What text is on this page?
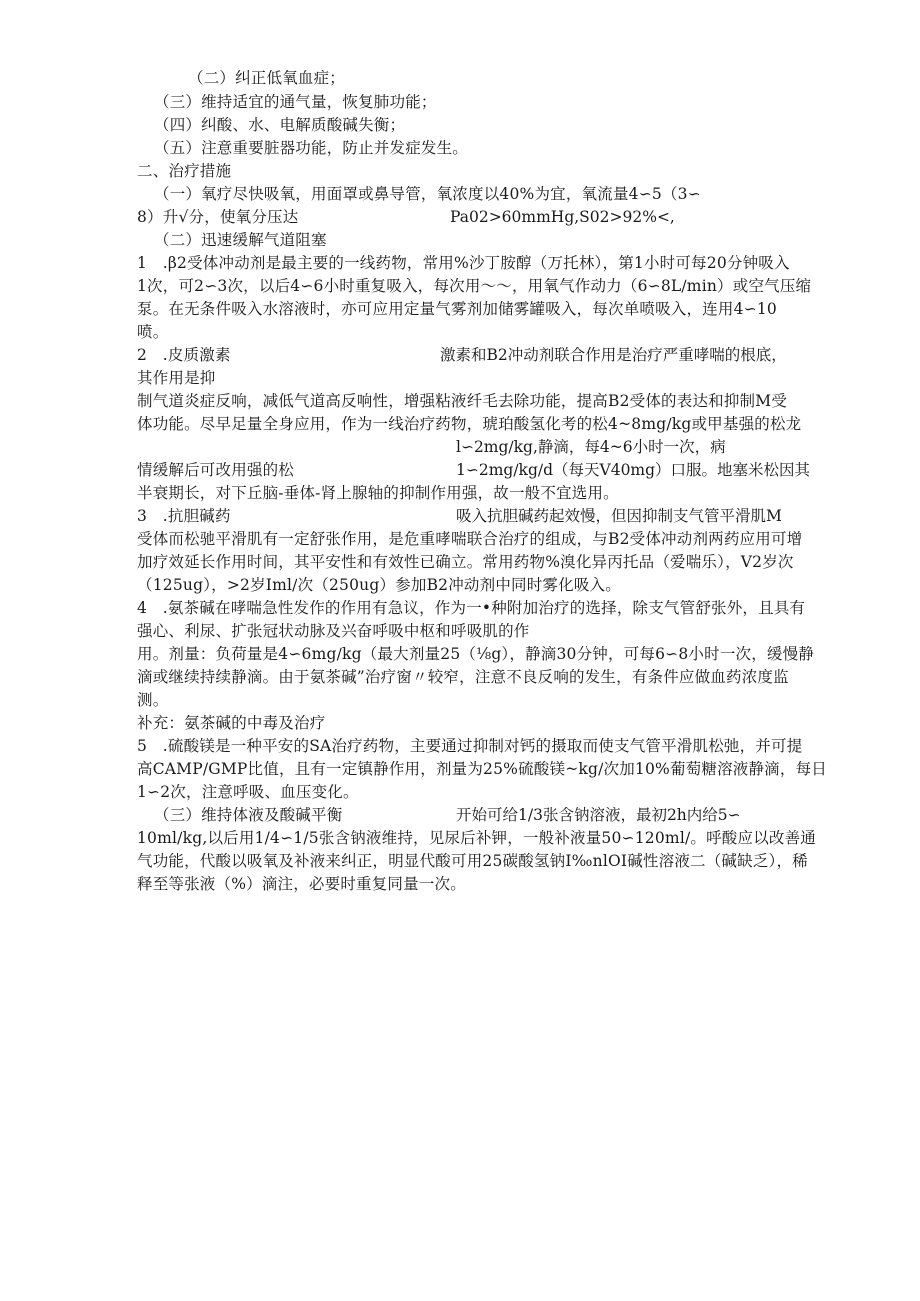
（二）纠正低氧血症；
（三）维持适宜的通气量，恢复肺功能；
（四）纠酸、水、电解质酸碱失衡；
（五）注意重要脏器功能，防止并发症发生。
二、治疗措施
（一）氧疗尽快吸氧，用面罩或鼻导管，氧浓度以40%为宜，氧流量4∽5（3∽
8）升√分，使氧分压达	Pa02>60mmHg,S02>92%<,
（二）迅速缓解气道阻塞
1　.β2受体冲动剂是最主要的一线药物，常用%沙丁胺醇（万托林），第1小时可每20分钟吸入
1次，可2∽3次，以后4∽6小时重复吸入，每次用～～，用氧气作动力（6∽8L∕min）或空气压缩
泵。在无条件吸入水溶液时，亦可应用定量气雾剂加储雾罐吸入，每次单喷吸入，连用4∽10
喷。
2　.皮质激素	激素和B2冲动剂联合作用是治疗严重哮喘的根底，
其作用是抑
制气道炎症反响，减低气道高反响性，增强粘液纤毛去除功能，提高B2受体的表达和抑制M受
体功能。尽早足量全身应用，作为一线治疗药物，琥珀酸氢化考的松4~8mg∕kg或甲基强的松龙
l∽2mg∕kg,静滴，每4~6小时一次，病
情缓解后可改用强的松	1∽2mg∕kg∕d（每天V40mg）口服。地塞米松因其
半衰期长，对下丘脑-垂体-肾上腺轴的抑制作用强，故一般不宜选用。
3　.抗胆碱药	吸入抗胆碱药起效慢，但因抑制支气管平滑肌M
受体而松驰平滑肌有一定舒张作用，是危重哮喘联合治疗的组成，与B2受体冲动剂两药应用可增
加疗效延长作用时间，其平安性和有效性已确立。常用药物%溴化异丙托品（爱喘乐），V2岁次
（125ug），>2岁Iml∕次（250ug）参加B2冲动剂中同时雾化吸入。
4　.氨茶碱在哮喘急性发作的作用有急议，作为一•种附加治疗的选择，除支气管舒张外，且具有
强心、利尿、扩张冠状动脉及兴奋呼吸中枢和呼吸肌的作
用。剂量：负荷量是4∽6mg∕kg（最大剂量25（⅛g），静滴30分钟，可每6∽8小时一次，缓慢静
滴或继续持续静滴。由于氨茶碱”治疗窗〃较窄，注意不良反响的发生，有条件应做血药浓度监
测。
补充：氨茶碱的中毒及治疗
5　.硫酸镁是一种平安的SA治疗药物，主要通过抑制对钙的摄取而使支气管平滑肌松弛，并可提
高CAMP/GMP比值，且有一定镇静作用，剂量为25%硫酸镁~kg∕次加10%葡萄糖溶液静滴，每日
1∽2次，注意呼吸、血压变化。
（三）维持体液及酸碱平衡	开始可给1/3张含钠溶液，最初2h内给5∽
10ml∕kg,以后用1/4∽1/5张含钠液维持，见尿后补钾，一般补液量50∽120ml∕。呼酸应以改善通
气功能，代酸以吸氧及补液来纠正，明显代酸可用25碳酸氢钠I‰nlOI碱性溶液二（碱缺乏），稀
释至等张液（%）滴注，必要时重复同量一次。
